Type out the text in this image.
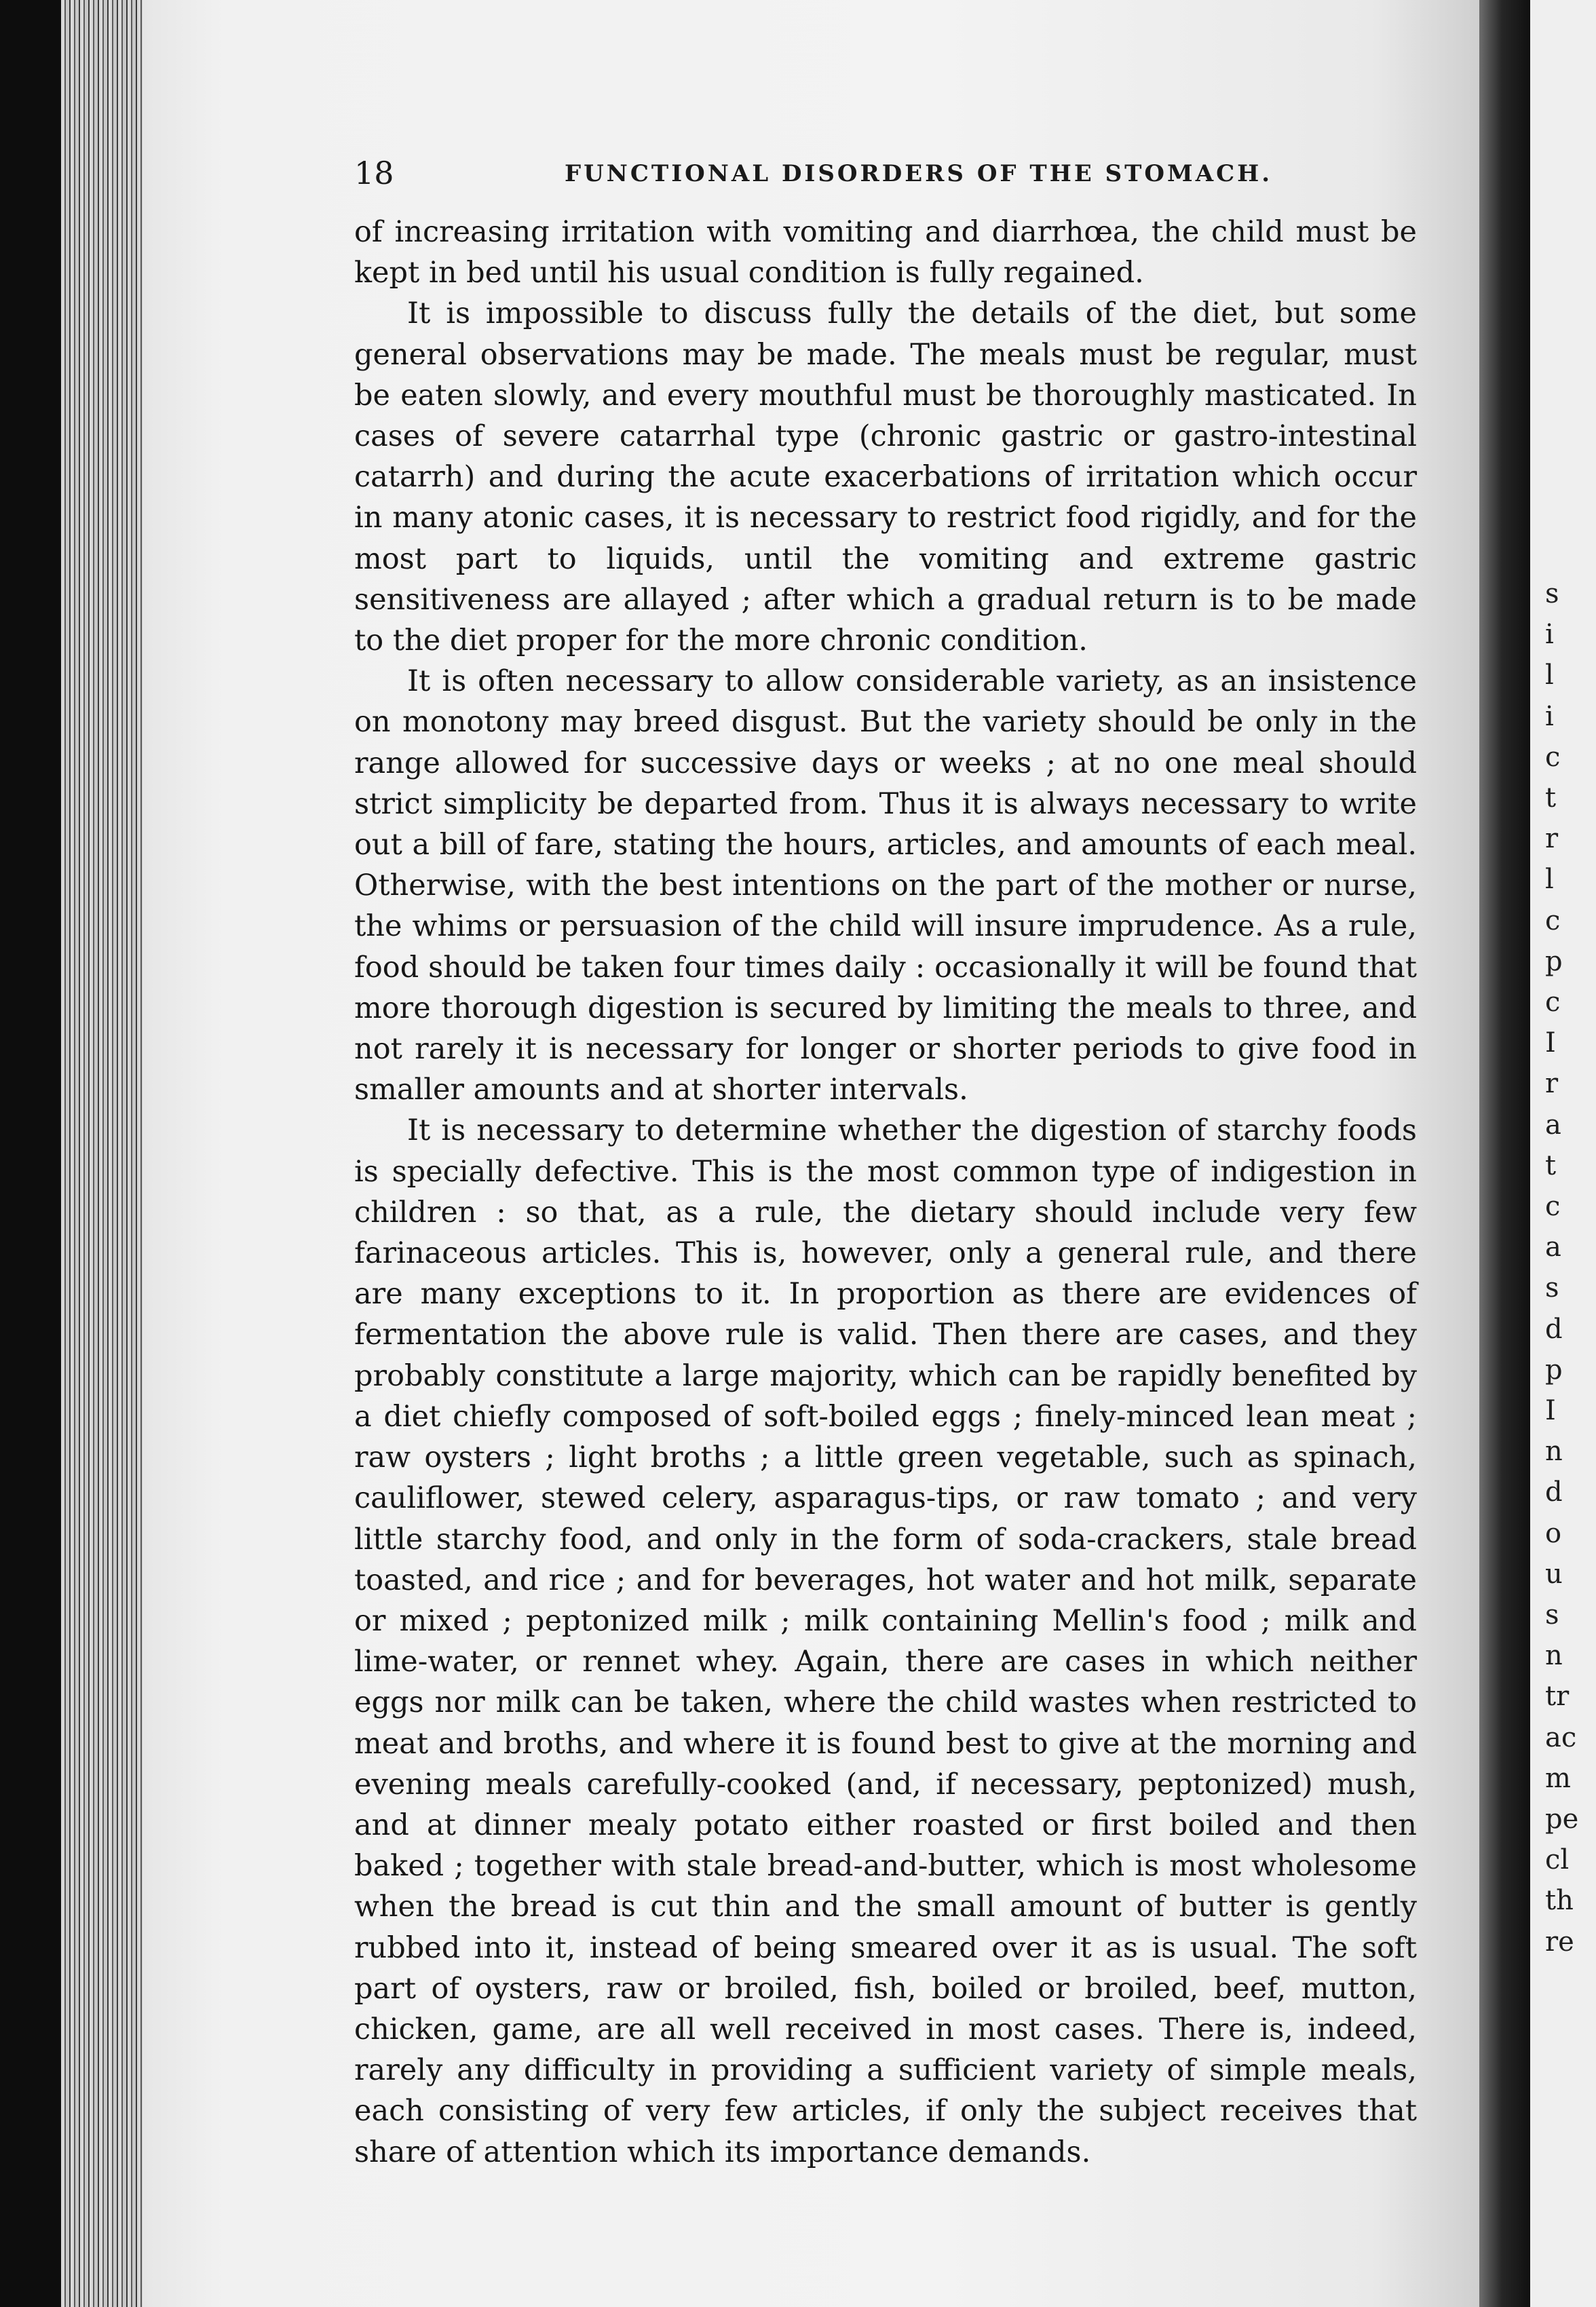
18	FUNCTIONAL DISORDERS OF THE STOMACH.

of increasing irritation with vomiting and diarrhœa, the child must be kept in bed until his usual condition is fully regained.

It is impossible to discuss fully the details of the diet, but some general observations may be made. The meals must be regular, must be eaten slowly, and every mouthful must be thoroughly masticated. In cases of severe catarrhal type (chronic gastric or gastro-intestinal catarrh) and during the acute exacerbations of irritation which occur in many atonic cases, it is necessary to restrict food rigidly, and for the most part to liquids, until the vomiting and extreme gastric sensitiveness are allayed ; after which a gradual return is to be made to the diet proper for the more chronic condition.

It is often necessary to allow considerable variety, as an insistence on monotony may breed disgust. But the variety should be only in the range allowed for successive days or weeks ; at no one meal should strict simplicity be departed from. Thus it is always necessary to write out a bill of fare, stating the hours, articles, and amounts of each meal. Otherwise, with the best intentions on the part of the mother or nurse, the whims or persuasion of the child will insure imprudence. As a rule, food should be taken four times daily : occasionally it will be found that more thorough digestion is secured by limiting the meals to three, and not rarely it is necessary for longer or shorter periods to give food in smaller amounts and at shorter intervals.

It is necessary to determine whether the digestion of starchy foods is specially defective. This is the most common type of indigestion in children : so that, as a rule, the dietary should include very few farinaceous articles. This is, however, only a general rule, and there are many exceptions to it. In proportion as there are evidences of fermentation the above rule is valid. Then there are cases, and they probably constitute a large majority, which can be rapidly benefited by a diet chiefly composed of soft-boiled eggs ; finely-minced lean meat ; raw oysters ; light broths ; a little green vegetable, such as spinach, cauliflower, stewed celery, asparagus-tips, or raw tomato ; and very little starchy food, and only in the form of soda-crackers, stale bread toasted, and rice ; and for beverages, hot water and hot milk, separate or mixed ; peptonized milk ; milk containing Mellin's food ; milk and lime-water, or rennet whey. Again, there are cases in which neither eggs nor milk can be taken, where the child wastes when restricted to meat and broths, and where it is found best to give at the morning and evening meals carefully-cooked (and, if necessary, peptonized) mush, and at dinner mealy potato either roasted or first boiled and then baked ; together with stale bread-and-butter, which is most wholesome when the bread is cut thin and the small amount of butter is gently rubbed into it, instead of being smeared over it as is usual. The soft part of oysters, raw or broiled, fish, boiled or broiled, beef, mutton, chicken, game, are all well received in most cases. There is, indeed, rarely any difficulty in providing a sufficient variety of simple meals, each consisting of very few articles, if only the subject receives that share of attention which its importance demands.

s
i
l
i
c
t
r
l
c
p
c
I
r
a
t
c
a
s
d
p
I
n
d
o
u
s
n
tr
ac
m
pe
cl
th
re
